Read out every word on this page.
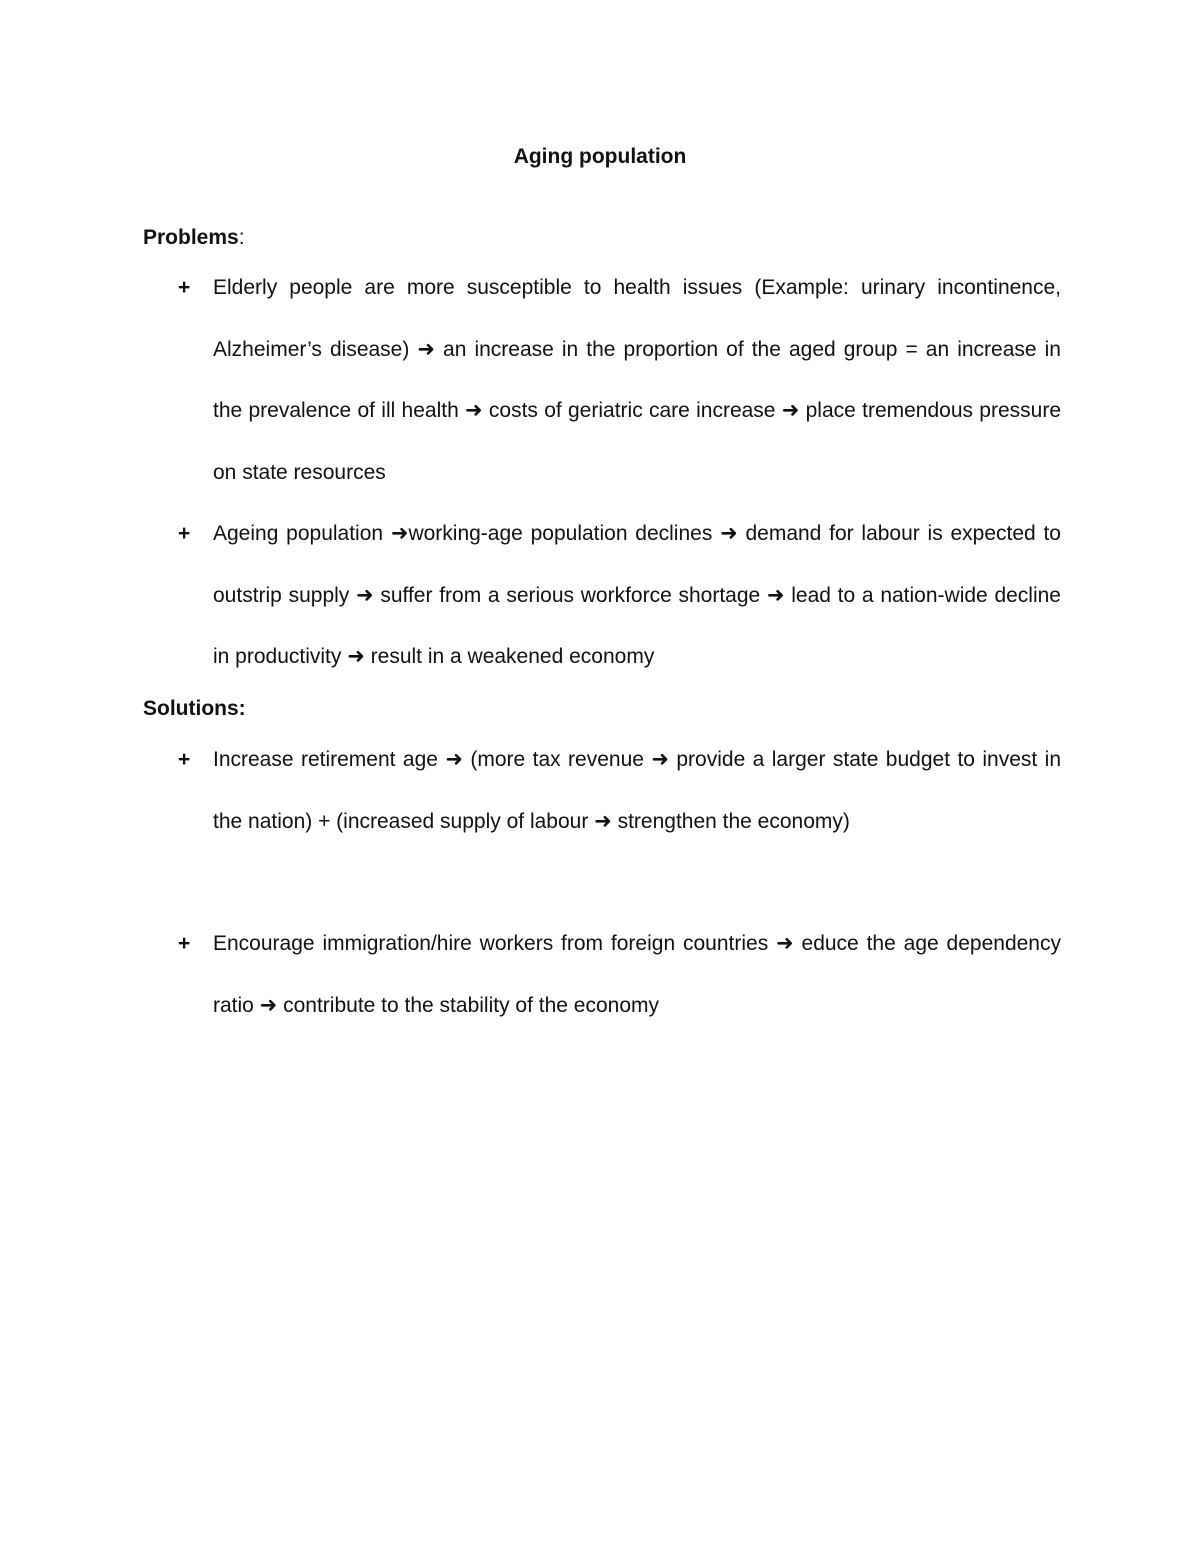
Aging population
Problems:
+ Elderly people are more susceptible to health issues (Example: urinary incontinence, Alzheimer’s disease) ➜ an increase in the proportion of the aged group = an increase in the prevalence of ill health ➜ costs of geriatric care increase ➜ place tremendous pressure on state resources
+ Ageing population ➜working-age population declines ➜ demand for labour is expected to outstrip supply ➜ suffer from a serious workforce shortage ➜ lead to a nation-wide decline in productivity ➜ result in a weakened economy
Solutions:
+ Increase retirement age ➜ (more tax revenue ➜ provide a larger state budget to invest in the nation) + (increased supply of labour ➜ strengthen the economy)
+ Encourage immigration/hire workers from foreign countries ➜ educe the age dependency ratio ➜ contribute to the stability of the economy
